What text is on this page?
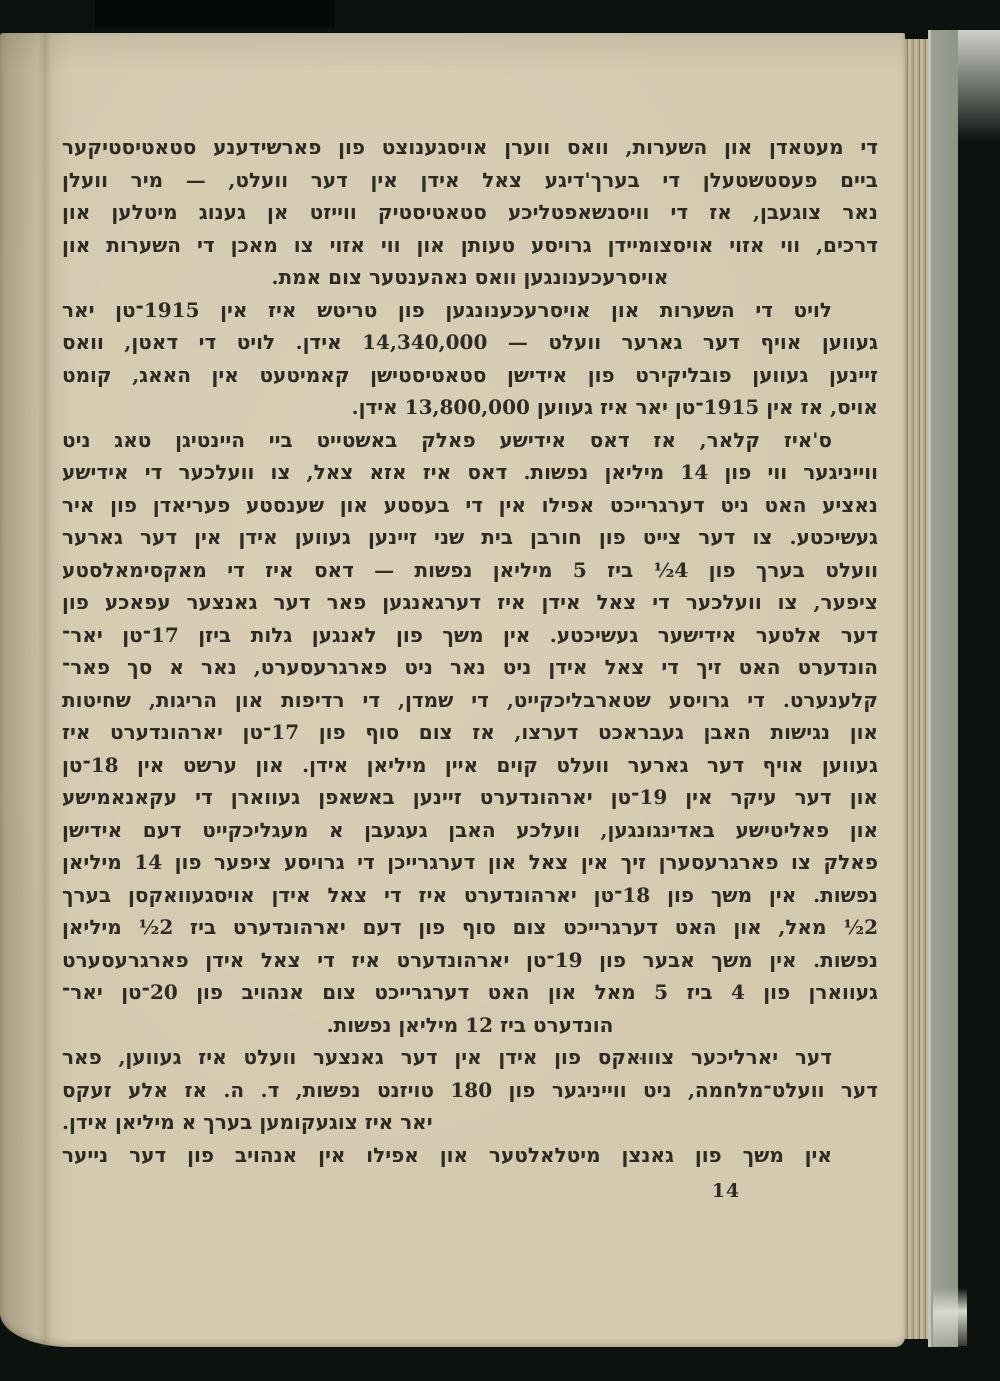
די מעטאדן און השערות, וואס ווערן אויסגענוצט פון פארשידענע סטאטיסטיקער
ביים פעסטשטעלן די בערך'דיגע צאל אידן אין דער וועלט, — מיר וועלן
נאר צוגעבן, אז די וויסנשאפטליכע סטאטיסטיק ווייזט אן גענוג מיטלען און
דרכים, ווי אזוי אויסצומיידן גרויסע טעותן און ווי אזוי צו מאכן די השערות און
אויסרעכענונגען וואס נאהענטער צום אמת.
לויט די השערות און אויסרעכענונגען פון טריטש איז אין 1915־טן יאר
געווען אויף דער גארער וועלט — 14,340,000 אידן. לויט די דאטן, וואס
זיינען געווען פובליקירט פון אידישן סטאטיסטישן קאמיטעט אין האאג, קומט
אויס, אז אין 1915־טן יאר איז געווען 13,800,000 אידן.
ס'איז קלאר, אז דאס אידישע פאלק באשטייט ביי היינטיגן טאג ניט
ווייניגער ווי פון 14 מיליאן נפשות. דאס איז אזא צאל, צו וועלכער די אידישע
נאציע האט ניט דערגרייכט אפילו אין די בעסטע און שענסטע פעריאדן פון איר
געשיכטע. צו דער צייט פון חורבן בית שני זיינען געווען אידן אין דער גארער
וועלט בערך פון 4½ ביז 5 מיליאן נפשות — דאס איז די מאקסימאלסטע
ציפער, צו וועלכער די צאל אידן איז דערגאנגען פאר דער גאנצער עפאכע פון
דער אלטער אידישער געשיכטע. אין משך פון לאנגען גלות ביזן 17־טן יאר־
הונדערט האט זיך די צאל אידן ניט נאר ניט פארגרעסערט, נאר א סך פאר־
קלענערט. די גרויסע שטארבליכקייט, די שמדן, די רדיפות און הריגות, שחיטות
און נגישות האבן געבראכט דערצו, אז צום סוף פון 17־טן יארהונדערט איז
געווען אויף דער גארער וועלט קוים איין מיליאן אידן. און ערשט אין 18־טן
און דער עיקר אין 19־טן יארהונדערט זיינען באשאפן געווארן די עקאנאמישע
און פאליטישע באדינגונגען, וועלכע האבן געגעבן א מעגליכקייט דעם אידישן
פאלק צו פארגרעסערן זיך אין צאל און דערגרייכן די גרויסע ציפער פון 14 מיליאן
נפשות. אין משך פון 18־טן יארהונדערט איז די צאל אידן אויסגעוואקסן בערך
2½ מאל, און האט דערגרייכט צום סוף פון דעם יארהונדערט ביז 2½ מיליאן
נפשות. אין משך אבער פון 19־טן יארהונדערט איז די צאל אידן פארגרעסערט
געווארן פון 4 ביז 5 מאל און האט דערגרייכט צום אנהויב פון 20־טן יאר־
הונדערט ביז 12 מיליאן נפשות.
דער יארליכער צוווּאקס פון אידן אין דער גאנצער וועלט איז געווען, פאר
דער וועלט־מלחמה, ניט ווייניגער פון 180 טויזנט נפשות, ד. ה. אז אלע זעקס
יאר איז צוגעקומען בערך א מיליאן אידן.
אין משך פון גאנצן מיטלאלטער און אפילו אין אנהויב פון דער נייער
14
